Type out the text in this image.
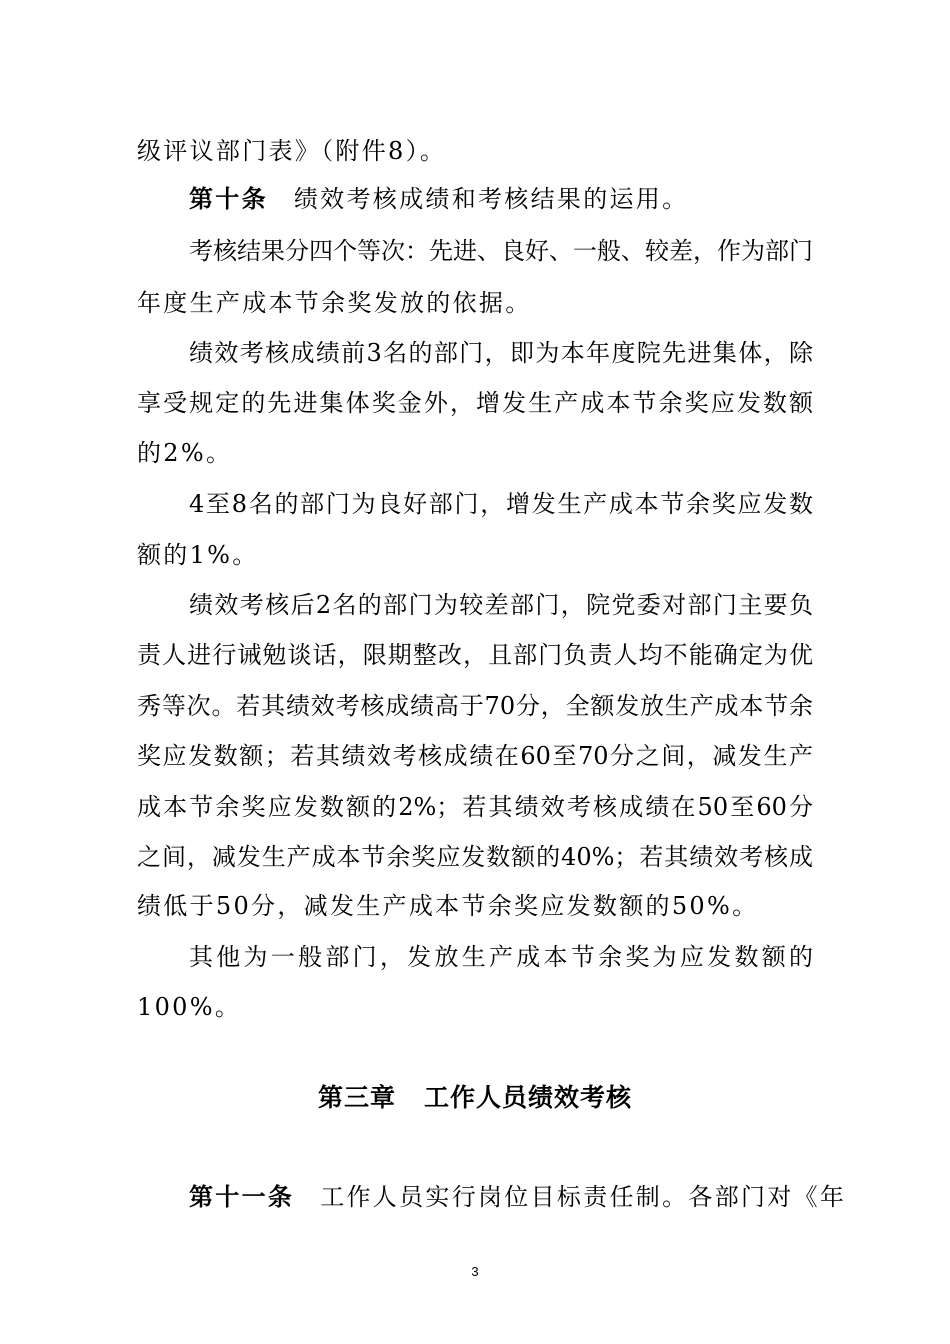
级评议部门表》（附件8）。
第十条 绩效考核成绩和考核结果的运用。
考核结果分四个等次：先进、良好、一般、较差，作为部门
年度生产成本节余奖发放的依据。
绩效考核成绩前3名的部门，即为本年度院先进集体，除
享受规定的先进集体奖金外，增发生产成本节余奖应发数额
的2%。
4至8名的部门为良好部门，增发生产成本节余奖应发数
额的1%。
绩效考核后2名的部门为较差部门，院党委对部门主要负
责人进行诫勉谈话，限期整改，且部门负责人均不能确定为优
秀等次。若其绩效考核成绩高于70分，全额发放生产成本节余
奖应发数额；若其绩效考核成绩在60至70分之间，减发生产
成本节余奖应发数额的2%；若其绩效考核成绩在50至60分
之间，减发生产成本节余奖应发数额的40%；若其绩效考核成
绩低于50分，减发生产成本节余奖应发数额的50%。
其他为一般部门，发放生产成本节余奖为应发数额的
100%。
第三章 工作人员绩效考核
第十一条 工作人员实行岗位目标责任制。各部门对《年
3
